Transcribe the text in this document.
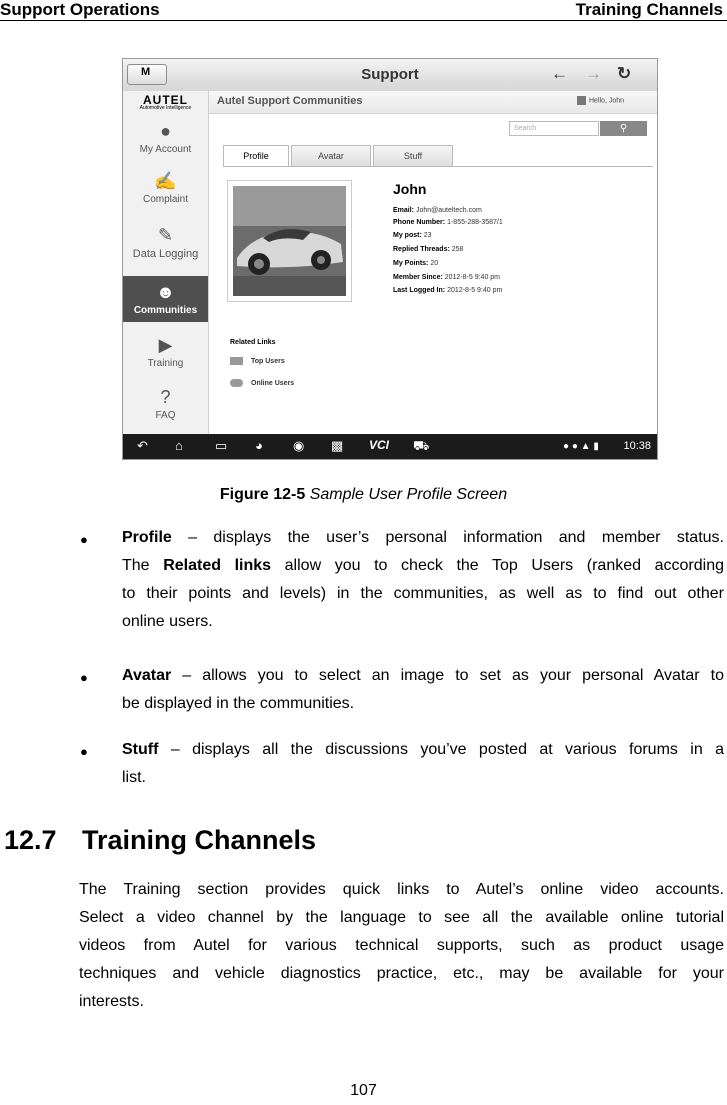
Support Operations	Training Channels
M	Support	← → ↻
AUTEL
Automotive Intelligence
●
My Account
✍
Complaint
✎
Data Logging
☻
Communities
▶
Training
?
FAQ
Autel Support Communities	Hello, John
Search	⚲
Profile	Avatar	Stuff
John
Email: John@auteltech.com
Phone Number: 1-855-288-3587/1
My post: 23
Replied Threads: 258
My Points: 20
Member Since: 2012-8-5 9:40 pm
Last Logged In: 2012-8-5 9:40 pm
Related Links
Top Users
Online Users
↶ ⌂ ▭ ◕ ◉ ▩ VCI ⛟	● ● ▲ ▮ 10:38
Figure 12-5 Sample User Profile Screen
● Profile – displays the user’s personal information and member status.
The Related links allow you to check the Top Users (ranked according
to their points and levels) in the communities, as well as to find out other
online users.
● Avatar – allows you to select an image to set as your personal Avatar to
be displayed in the communities.
● Stuff – displays all the discussions you’ve posted at various forums in a
list.
12.7 Training Channels
The Training section provides quick links to Autel’s online video accounts.
Select a video channel by the language to see all the available online tutorial
videos from Autel for various technical supports, such as product usage
techniques and vehicle diagnostics practice, etc., may be available for your
interests.
107
